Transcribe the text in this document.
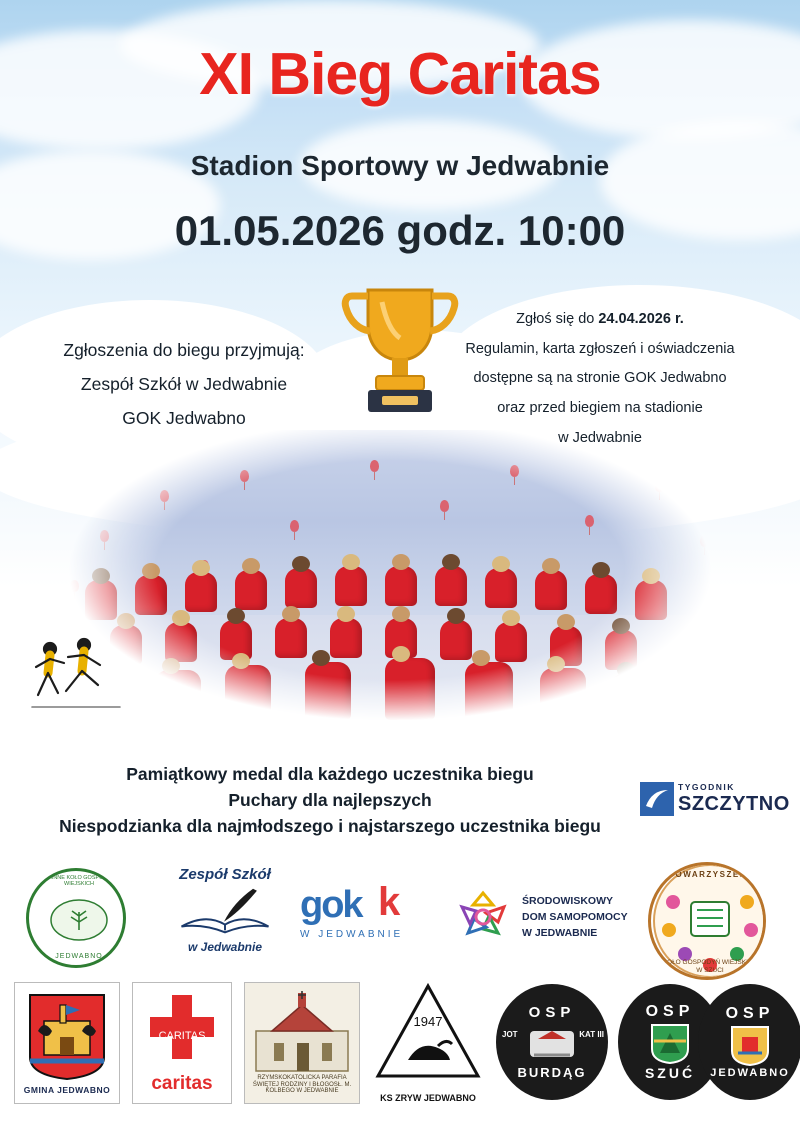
XI Bieg Caritas
Stadion Sportowy w Jedwabnie
01.05.2026 godz. 10:00
Zgłoszenia do biegu przyjmują:
Zespół Szkół w Jedwabnie
GOK Jedwabno
Zgłoś się do 24.04.2026 r.
Regulamin, karta zgłoszeń i oświadczenia
dostępne są na stronie GOK Jedwabno
oraz przed biegiem na stadionie
Pamiątkowy medal dla każdego uczestnika biegu
Puchary dla najlepszych
Niespodzianka dla najmłodszego i najstarszego uczestnika biegu
TYGODNIK
SZCZYTNO
GMINNE KOŁO GOSPODYŃ WIEJSKICH
JEDWABNO
Zespół Szkół
w Jedwabnie
gok k
W JEDWABNIE
ŚRODOWISKOWY
DOM SAMOPOMOCY
W JEDWABNIE
STOWARZYSZENIE
KOŁO GOSPODYŃ WIEJSKICH W SZUCI
GMINA JEDWABNO
CARITAS
caritas	RZYMSKOKATOLICKA PARAFIA ŚWIĘTEJ RODZINY I BŁOGOSŁ. M. KOLBEGO W JEDWABNIE
1947
KS ZRYW JEDWABNO
OSP
BURDĄG
JOT	KAT III
OSP
SZUĆ
OSP
JEDWABNO
